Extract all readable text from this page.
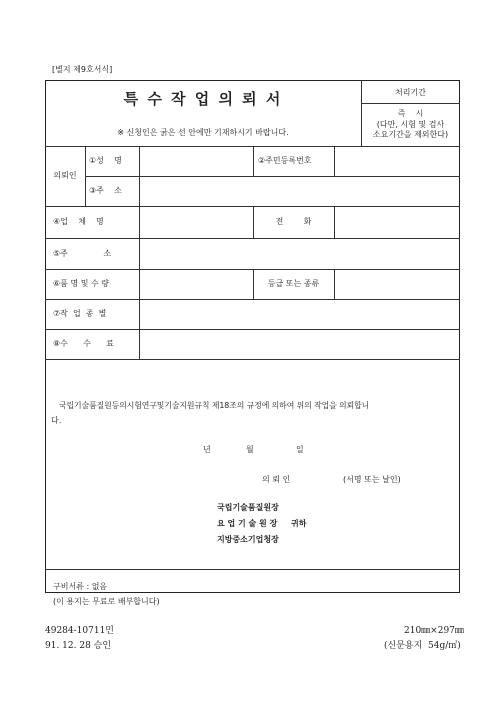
[별지 제9호서식]
특 수 작 업 의 뢰 서
※ 신청인은 굵은 선 안에만 기재하시기 바랍니다.
처리기간
즉    시
(다만, 시험 및 검사
소요기간을 제외한다)
의뢰인
①성    명	②주민등록번호
③주    소
④업    체    명	전        화
⑤주              소
⑥품 명 및 수 량	등급 또는 종류
⑦작  업  종  별
⑧수      수      료
국립기술품질원등의시험연구및기술지원규칙 제18조의 규정에 의하여 위의 작업을 의뢰합니
다.
년	월	일
의 뢰 인	(서명 또는 날인)
국립기술품질원장
요 업 기 술 원 장 귀하
지방중소기업청장
구비서류 : 없음
(이 용지는 무료로 배부합니다)
49284-10711민
91. 12. 28 승인
210㎜×297㎜
(신문용지  54g/㎡)
